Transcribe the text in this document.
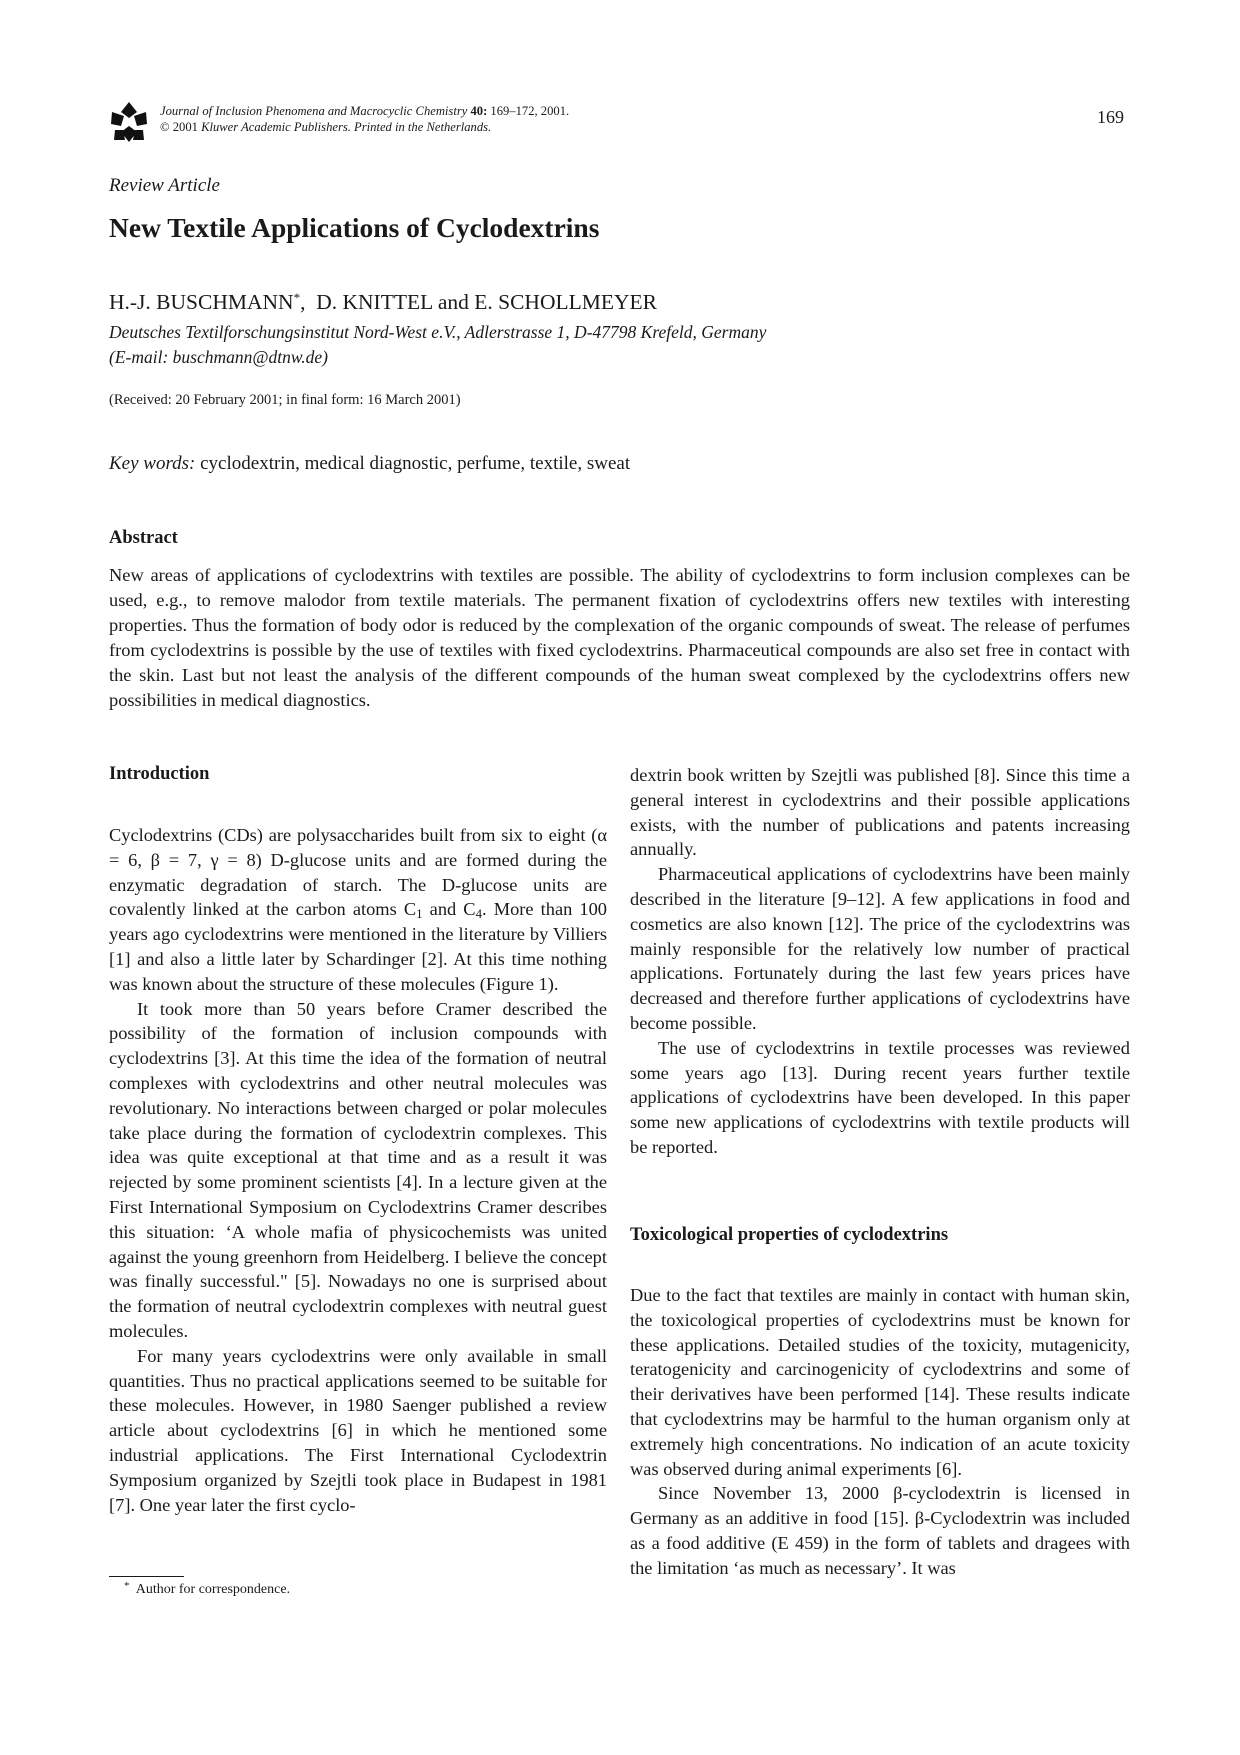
Journal of Inclusion Phenomena and Macrocyclic Chemistry 40: 169–172, 2001.
© 2001 Kluwer Academic Publishers. Printed in the Netherlands.	169
Review Article
New Textile Applications of Cyclodextrins
H.-J. BUSCHMANN*,  D. KNITTEL and E. SCHOLLMEYER
Deutsches Textilforschungsinstitut Nord-West e.V., Adlerstrasse 1, D-47798 Krefeld, Germany
(E-mail: buschmann@dtnw.de)
(Received: 20 February 2001; in final form: 16 March 2001)
Key words: cyclodextrin, medical diagnostic, perfume, textile, sweat
Abstract
New areas of applications of cyclodextrins with textiles are possible. The ability of cyclodextrins to form inclusion complexes can be used, e.g., to remove malodor from textile materials. The permanent fixation of cyclodextrins offers new textiles with interesting properties. Thus the formation of body odor is reduced by the complexation of the organic compounds of sweat. The release of perfumes from cyclodextrins is possible by the use of textiles with fixed cyclodextrins. Pharmaceutical compounds are also set free in contact with the skin. Last but not least the analysis of the different compounds of the human sweat complexed by the cyclodextrins offers new possibilities in medical diagnostics.
Introduction

Cyclodextrins (CDs) are polysaccharides built from six to eight (α = 6, β = 7, γ = 8) D-glucose units and are formed during the enzymatic degradation of starch. The D-glucose units are covalently linked at the carbon atoms $C_1$ and $C_4$. More than 100 years ago cyclodextrins were mentioned in the literature by Villiers [1] and also a little later by Schardinger [2]. At this time nothing was known about the structure of these molecules (Figure 1).

It took more than 50 years before Cramer described the possibility of the formation of inclusion compounds with cyclodextrins [3]. At this time the idea of the formation of neutral complexes with cyclodextrins and other neutral molecules was revolutionary. No interactions between charged or polar molecules take place during the formation of cyclodextrin complexes. This idea was quite exceptional at that time and as a result it was rejected by some prominent scientists [4]. In a lecture given at the First International Symposium on Cyclodextrins Cramer describes this situation: ‘A whole mafia of physicochemists was united against the young greenhorn from Heidelberg. I believe the concept was finally successful." [5]. Nowadays no one is surprised about the formation of neutral cyclodextrin complexes with neutral guest molecules.

For many years cyclodextrins were only available in small quantities. Thus no practical applications seemed to be suitable for these molecules. However, in 1980 Saenger published a review article about cyclodextrins [6] in which he mentioned some industrial applications. The First International Cyclodextrin Symposium organized by Szejtli took place in Budapest in 1981 [7]. One year later the first cyclo-

dextrin book written by Szejtli was published [8]. Since this time a general interest in cyclodextrins and their possible applications exists, with the number of publications and patents increasing annually.

Pharmaceutical applications of cyclodextrins have been mainly described in the literature [9–12]. A few applications in food and cosmetics are also known [12]. The price of the cyclodextrins was mainly responsible for the relatively low number of practical applications. Fortunately during the last few years prices have decreased and therefore further applications of cyclodextrins have become possible.

The use of cyclodextrins in textile processes was reviewed some years ago [13]. During recent years further textile applications of cyclodextrins have been developed. In this paper some new applications of cyclodextrins with textile products will be reported.

Toxicological properties of cyclodextrins

Due to the fact that textiles are mainly in contact with human skin, the toxicological properties of cyclodextrins must be known for these applications. Detailed studies of the toxicity, mutagenicity, teratogenicity and carcinogenicity of cyclodextrins and some of their derivatives have been performed [14]. These results indicate that cyclodextrins may be harmful to the human organism only at extremely high concentrations. No indication of an acute toxicity was observed during animal experiments [6].

Since November 13, 2000 β-cyclodextrin is licensed in Germany as an additive in food [15]. β-Cyclodextrin was included as a food additive (E 459) in the form of tablets and dragees with the limitation ‘as much as necessary’. It was

* Author for correspondence.
